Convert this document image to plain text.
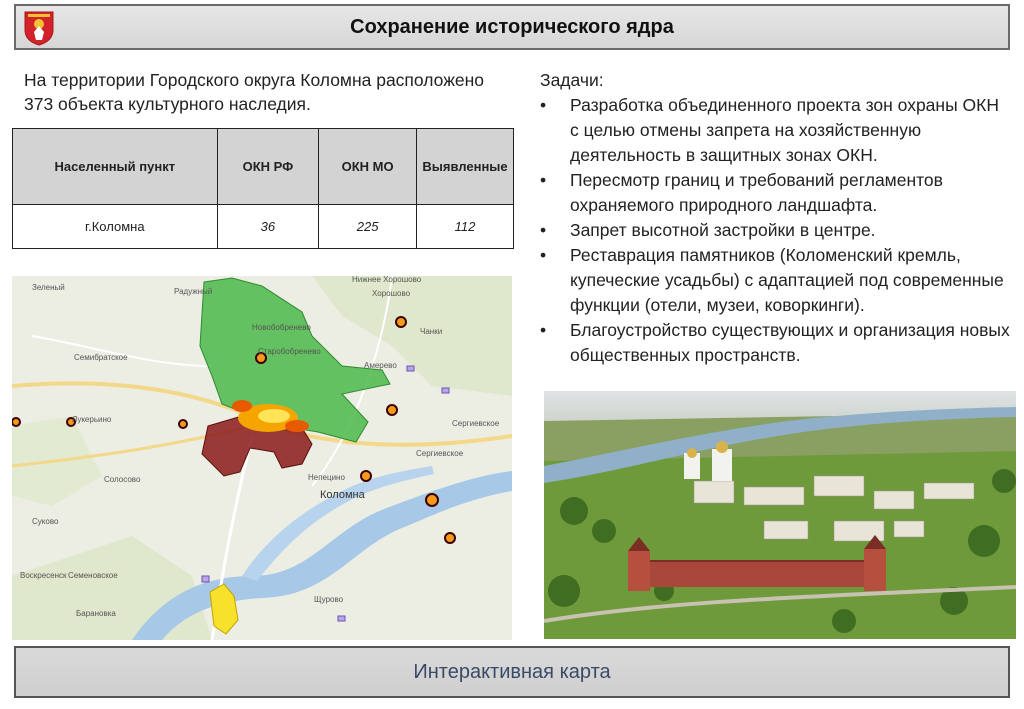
Сохранение исторического ядра
На территории Городского округа Коломна расположено 373 объекта культурного наследия.
Населенный пункт	ОКН РФ	ОКН МО	Выявленные
г.Коломна	36	225	112
Нижнее Хорошово
Радужный
Новобобренево	Чанки
Семибратское
Старобобренево
Амерево
Лукерьино	Сергиевское
Сергиевское
Непецино
Солосово
Коломна
Суково
Семеновское
Щурово
Барановка
Воскресенск
Хорошово
Зеленый
Задачи:
• Разработка объединенного проекта зон охраны ОКН с целью отмены запрета на хозяйственную деятельность в защитных зонах ОКН.
• Пересмотр границ и требований регламентов охраняемого природного ландшафта.
• Запрет высотной застройки в центре.
• Реставрация памятников (Коломенский кремль, купеческие усадьбы) с адаптацией под современные функции (отели, музеи, коворкинги).
• Благоустройство существующих и организация новых общественных пространств.
Интерактивная карта
